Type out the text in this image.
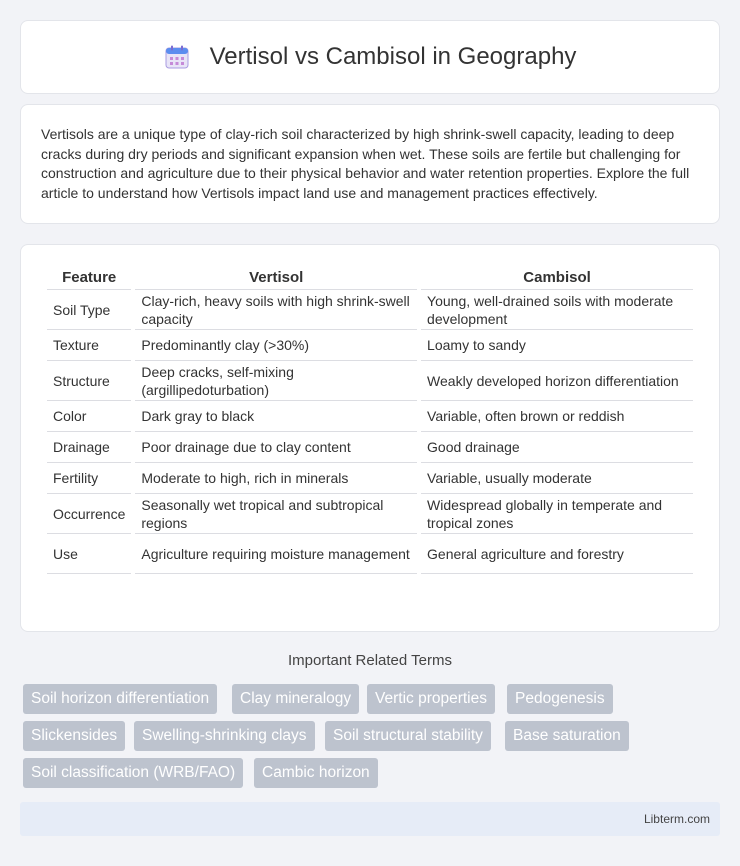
Vertisol vs Cambisol in Geography

Vertisols are a unique type of clay-rich soil characterized by high shrink-swell capacity, leading to deep cracks during dry periods and significant expansion when wet. These soils are fertile but challenging for construction and agriculture due to their physical behavior and water retention properties. Explore the full article to understand how Vertisols impact land use and management practices effectively.

Feature	Vertisol	Cambisol
Soil Type	Clay-rich, heavy soils with high shrink-swell capacity	Young, well-drained soils with moderate development
Texture	Predominantly clay (>30%)	Loamy to sandy
Structure	Deep cracks, self-mixing (argillipedoturbation)	Weakly developed horizon differentiation
Color	Dark gray to black	Variable, often brown or reddish
Drainage	Poor drainage due to clay content	Good drainage
Fertility	Moderate to high, rich in minerals	Variable, usually moderate
Occurrence	Seasonally wet tropical and subtropical regions	Widespread globally in temperate and tropical zones
Use	Agriculture requiring moisture management	General agriculture and forestry
Important Related Terms
Soil horizon differentiation	Clay mineralogy	Vertic properties	Pedogenesis
Slickensides	Swelling-shrinking clays	Soil structural stability	Base saturation
Soil classification (WRB/FAO)	Cambic horizon
Libterm.com
